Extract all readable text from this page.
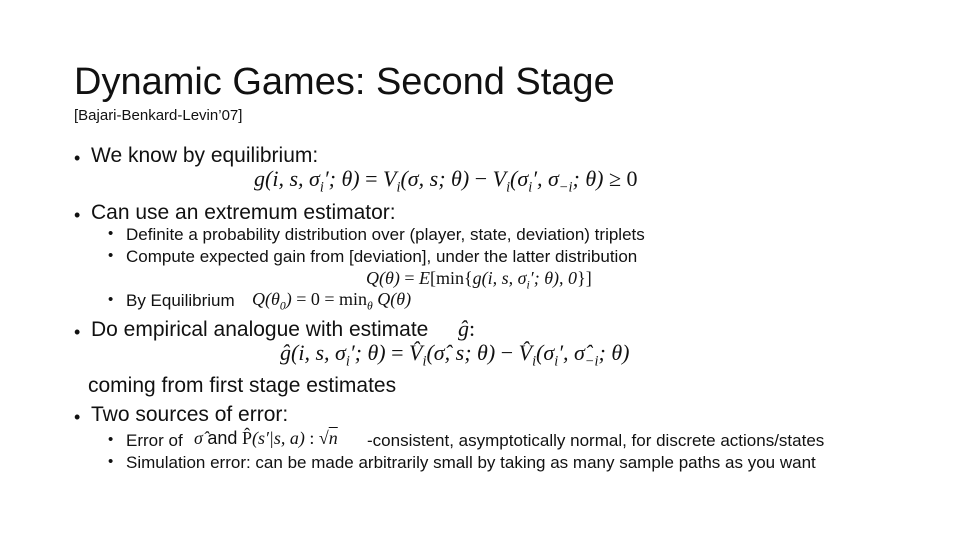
Dynamic Games: Second Stage
[Bajari-Benkard-Levin’07]
• We know by equilibrium:
g(i, s, $\sigma_i'$; $\theta) = V_i(\sigma$, s; $\theta) - V_i(\sigma_i'$, $\sigma_{-i}$; θ) ≥ 0
• Can use an extremum estimator:
• Definite a probability distribution over (player, state, deviation) triplets
• Compute expected gain from [deviation], under the latter distribution
Q(θ) = E[min{g(i, s, $\sigma_i'$; θ), 0}]
• By Equilibrium $Q(\theta_0) = 0 = \min_\theta Q(\theta)$
• Do empirical analogue with estimate ĝ:
ĝ(i, s, $\sigma_i'$; $\theta) = V̂_i(\sigmâ$, s; $\theta) - V̂_i(\sigma_i'$, $\sigmâ_{-i}$; θ)
coming from first stage estimates
• Two sources of error:
• Error of σ̂ and P̂(s′|s, a) : √n -consistent, asymptotically normal, for discrete actions/states
• Simulation error: can be made arbitrarily small by taking as many sample paths as you want
